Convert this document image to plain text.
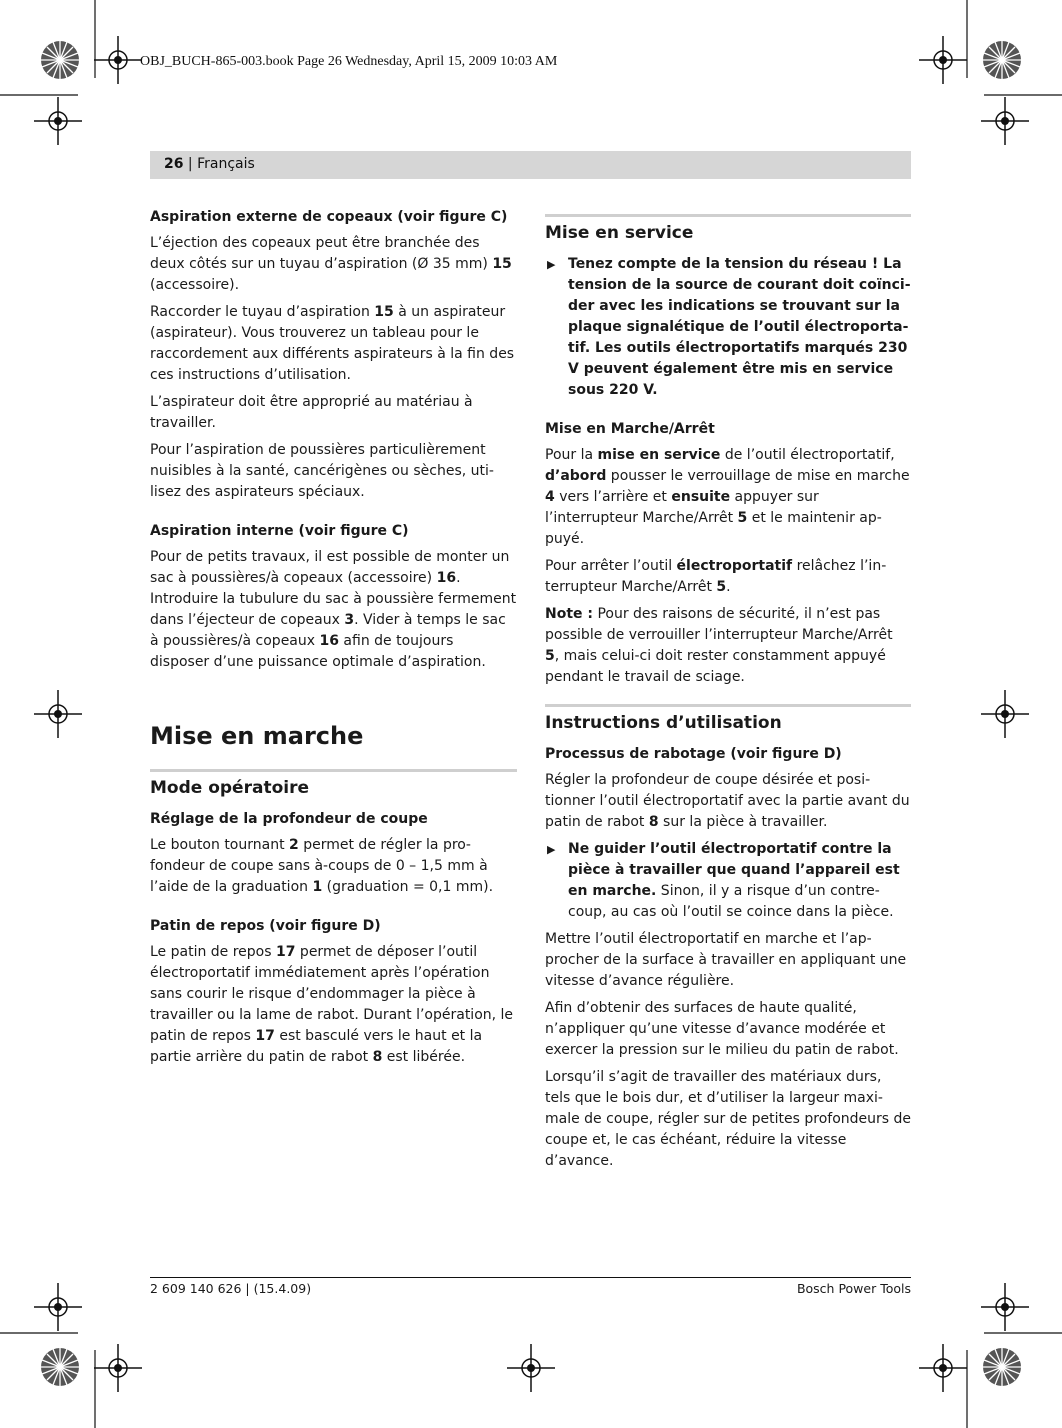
OBJ_BUCH-865-003.book Page 26 Wednesday, April 15, 2009 10:03 AM
26 | Français
Aspiration externe de copeaux (voir figure C)

L’éjection des copeaux peut être branchée des deux côtés sur un tuyau d’aspiration (Ø 35 mm) 15 (accessoire).

Raccorder le tuyau d’aspiration 15 à un aspirateur (aspirateur). Vous trouverez un tableau pour le raccordement aux différents aspirateurs à la fin des ces instructions d’utilisation.

L’aspirateur doit être approprié au matériau à travailler.

Pour l’aspiration de poussières particulièrement nuisibles à la santé, cancérigènes ou sèches, utilisez des aspirateurs spéciaux.

Aspiration interne (voir figure C)

Pour de petits travaux, il est possible de monter un sac à poussières/à copeaux (accessoire) 16. Introduire la tubulure du sac à poussière fermement dans l’éjecteur de copeaux 3. Vider à temps le sac à poussières/à copeaux 16 afin de toujours disposer d’une puissance optimale d’aspiration.

Mise en marche
Mode opératoire
Réglage de la profondeur de coupe

Le bouton tournant 2 permet de régler la profondeur de coupe sans à-coups de 0 – 1,5 mm à l’aide de la graduation 1 (graduation = 0,1 mm).

Patin de repos (voir figure D)

Le patin de repos 17 permet de déposer l’outil électroportatif immédiatement après l’opération sans courir le risque d’endommager la pièce à travailler ou la lame de rabot. Durant l’opération, le patin de repos 17 est basculé vers le haut et la partie arrière du patin de rabot 8 est libérée.

Mise en service
▶ Tenez compte de la tension du réseau ! La tension de la source de courant doit coïncider avec les indications se trouvant sur la plaque signalétique de l’outil électroportatif. Les outils électroportatifs marqués 230 V peuvent également être mis en service sous 220 V.
Mise en Marche/Arrêt

Pour la mise en service de l’outil électroportatif, d’abord pousser le verrouillage de mise en marche 4 vers l’arrière et ensuite appuyer sur l’interrupteur Marche/Arrêt 5 et le maintenir appuyé.

Pour arrêter l’outil électroportatif relâchez l’interrupteur Marche/Arrêt 5.

Note : Pour des raisons de sécurité, il n’est pas possible de verrouiller l’interrupteur Marche/Arrêt 5, mais celui-ci doit rester constamment appuyé pendant le travail de sciage.

Instructions d’utilisation
Processus de rabotage (voir figure D)

Régler la profondeur de coupe désirée et positionner l’outil électroportatif avec la partie avant du patin de rabot 8 sur la pièce à travailler.

▶ Ne guider l’outil électroportatif contre la pièce à travailler que quand l’appareil est en marche. Sinon, il y a risque d’un contrecoup, au cas où l’outil se coince dans la pièce.

Mettre l’outil électroportatif en marche et l’approcher de la surface à travailler en appliquant une vitesse d’avance régulière.

Afin d’obtenir des surfaces de haute qualité, n’appliquer qu’une vitesse d’avance modérée et exercer la pression sur le milieu du patin de rabot.

Lorsqu’il s’agit de travailler des matériaux durs, tels que le bois dur, et d’utiliser la largeur maximale de coupe, régler sur de petites profondeurs de coupe et, le cas échéant, réduire la vitesse d’avance.

2 609 140 626 | (15.4.09)	Bosch Power Tools
